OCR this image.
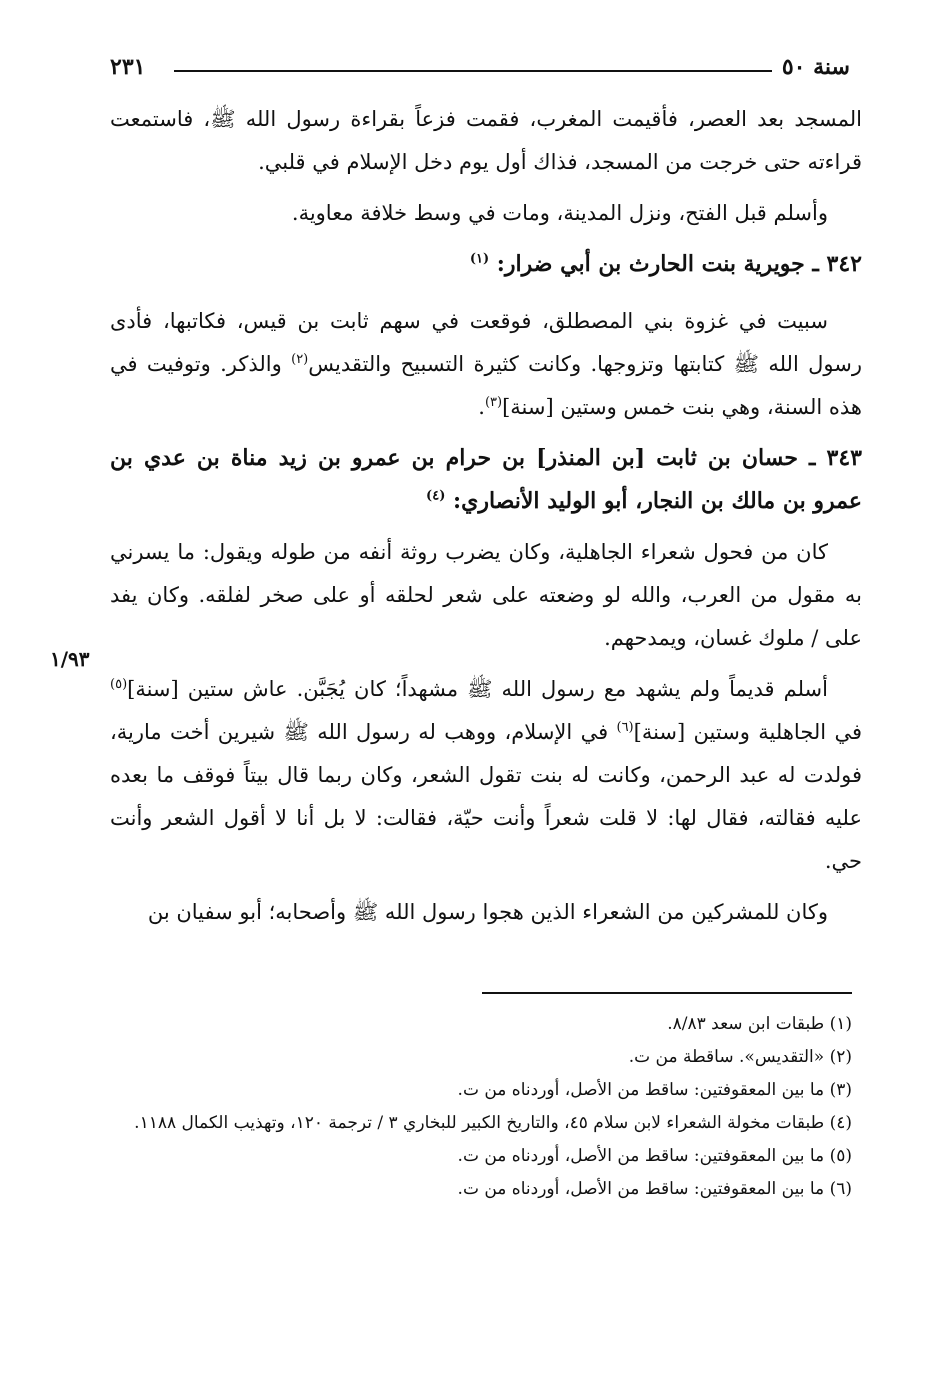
سنة ٥٠
٢٣١
١/٩٣

المسجد بعد العصر، فأقيمت المغرب، فقمت فزعاً بقراءة رسول الله ﷺ، فاستمعت قراءته حتى خرجت من المسجد، فذاك أول يوم دخل الإسلام في قلبي.

وأسلم قبل الفتح، ونزل المدينة، ومات في وسط خلافة معاوية.

٣٤٢ ـ جويرية بنت الحارث بن أبي ضرار: $^{(١)}$

سبيت في غزوة بني المصطلق، فوقعت في سهم ثابت بن قيس، فكاتبها، فأدى رسول الله ﷺ كتابتها وتزوجها. وكانت كثيرة التسبيح والتقديس$^{(٢)}$ والذكر. وتوفيت في هذه السنة، وهي بنت خمس وستين [سنة]$^{(٣)}$.

٣٤٣ ـ حسان بن ثابت [بن المنذر] بن حرام بن عمرو بن زيد مناة بن عدي بن عمرو بن مالك بن النجار، أبو الوليد الأنصاري: $^{(٤)}$

كان من فحول شعراء الجاهلية، وكان يضرب روثة أنفه من طوله ويقول: ما يسرني به مقول من العرب، والله لو وضعته على شعر لحلقه أو على صخر لفلقه. وكان يفد على / ملوك غسان، ويمدحهم.

أسلم قديماً ولم يشهد مع رسول الله ﷺ مشهداً؛ كان يُجَبَّن. عاش ستين [سنة]$^{(٥)}$ في الجاهلية وستين [سنة]$^{(٦)}$ في الإسلام، ووهب له رسول الله ﷺ شيرين أخت مارية، فولدت له عبد الرحمن، وكانت له بنت تقول الشعر، وكان ربما قال بيتاً فوقف ما بعده عليه فقالته، فقال لها: لا قلت شعراً وأنت حيّة، فقالت: لا بل أنا لا أقول الشعر وأنت حي.

وكان للمشركين من الشعراء الذين هجوا رسول الله ﷺ وأصحابه؛ أبو سفيان بن

(١) طبقات ابن سعد ٨/٨٣.

(٢) «التقديس». ساقطة من ت.

(٣) ما بين المعقوفتين: ساقط من الأصل، أوردناه من ت.

(٤) طبقات مخولة الشعراء لابن سلام ٤٥، والتاريخ الكبير للبخاري ٣ / ترجمة ١٢٠، وتهذيب الكمال ١١٨٨.

(٥) ما بين المعقوفتين: ساقط من الأصل، أوردناه من ت.

(٦) ما بين المعقوفتين: ساقط من الأصل، أوردناه من ت.
